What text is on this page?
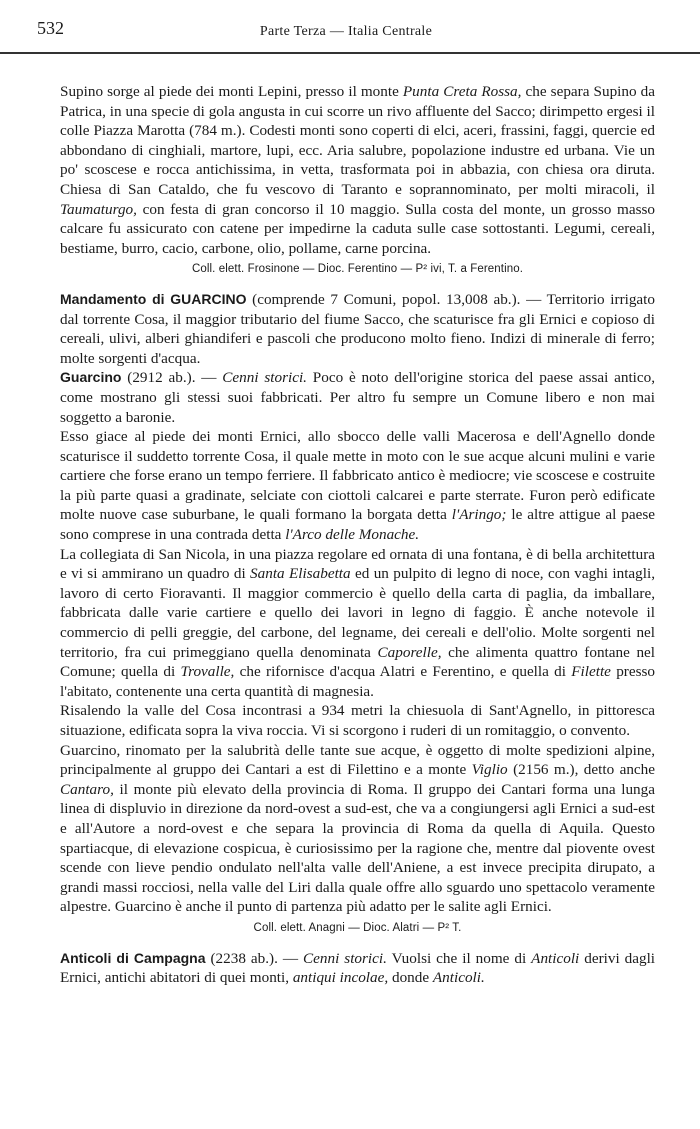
532	Parte Terza — Italia Centrale

Supino sorge al piede dei monti Lepini, presso il monte Punta Creta Rossa, che separa Supino da Patrica, in una specie di gola angusta in cui scorre un rivo affluente del Sacco; dirimpetto ergesi il colle Piazza Marotta (784 m.). Codesti monti sono coperti di elci, aceri, frassini, faggi, quercie ed abbondano di cinghiali, martore, lupi, ecc. Aria salubre, popolazione industre ed urbana. Vie un po' scoscese e rocca antichissima, in vetta, trasformata poi in abbazia, con chiesa ora diruta. Chiesa di San Cataldo, che fu vescovo di Taranto e soprannominato, per molti miracoli, il Taumaturgo, con festa di gran concorso il 10 maggio. Sulla costa del monte, un grosso masso calcare fu assicurato con catene per impedirne la caduta sulle case sottostanti. Legumi, cereali, bestiame, burro, cacio, carbone, olio, pollame, carne porcina.

Coll. elett. Frosinone — Dioc. Ferentino — P² ivi, T. a Ferentino.

Mandamento di GUARCINO (comprende 7 Comuni, popol. 13,008 ab.). — Territorio irrigato dal torrente Cosa, il maggior tributario del fiume Sacco, che scaturisce fra gli Ernici e copioso di cereali, ulivi, alberi ghiandiferi e pascoli che producono molto fieno. Indizi di minerale di ferro; molte sorgenti d'acqua.

Guarcino (2912 ab.). — Cenni storici. Poco è noto dell'origine storica del paese assai antico, come mostrano gli stessi suoi fabbricati. Per altro fu sempre un Comune libero e non mai soggetto a baronie.

Esso giace al piede dei monti Ernici, allo sbocco delle valli Macerosa e dell'Agnello donde scaturisce il suddetto torrente Cosa, il quale mette in moto con le sue acque alcuni mulini e varie cartiere che forse erano un tempo ferriere. Il fabbricato antico è mediocre; vie scoscese e costruite la più parte quasi a gradinate, selciate con ciottoli calcarei e parte sterrate. Furon però edificate molte nuove case suburbane, le quali formano la borgata detta l'Aringo; le altre attigue al paese sono comprese in una contrada detta l'Arco delle Monache.

La collegiata di San Nicola, in una piazza regolare ed ornata di una fontana, è di bella architettura e vi si ammirano un quadro di Santa Elisabetta ed un pulpito di legno di noce, con vaghi intagli, lavoro di certo Fioravanti. Il maggior commercio è quello della carta di paglia, da imballare, fabbricata dalle varie cartiere e quello dei lavori in legno di faggio. È anche notevole il commercio di pelli greggie, del carbone, del legname, dei cereali e dell'olio. Molte sorgenti nel territorio, fra cui primeggiano quella denominata Caporelle, che alimenta quattro fontane nel Comune; quella di Trovalle, che rifornisce d'acqua Alatri e Ferentino, e quella di Filette presso l'abitato, contenente una certa quantità di magnesia.

Risalendo la valle del Cosa incontrasi a 934 metri la chiesuola di Sant'Agnello, in pittoresca situazione, edificata sopra la viva roccia. Vi si scorgono i ruderi di un romitaggio, o convento.

Guarcino, rinomato per la salubrità delle tante sue acque, è oggetto di molte spedizioni alpine, principalmente al gruppo dei Cantari a est di Filettino e a monte Viglio (2156 m.), detto anche Cantaro, il monte più elevato della provincia di Roma. Il gruppo dei Cantari forma una lunga linea di displuvio in direzione da nord-ovest a sud-est, che va a congiungersi agli Ernici a sud-est e all'Autore a nord-ovest e che separa la provincia di Roma da quella di Aquila. Questo spartiacque, di elevazione cospicua, è curiosissimo per la ragione che, mentre dal piovente ovest scende con lieve pendio ondulato nell'alta valle dell'Aniene, a est invece precipita dirupato, a grandi massi rocciosi, nella valle del Liri dalla quale offre allo sguardo uno spettacolo veramente alpestre. Guarcino è anche il punto di partenza più adatto per le salite agli Ernici.

Coll. elett. Anagni — Dioc. Alatri — P² T.

Anticoli di Campagna (2238 ab.). — Cenni storici. Vuolsi che il nome di Anticoli derivi dagli Ernici, antichi abitatori di quei monti, antiqui incolae, donde Anticoli.
